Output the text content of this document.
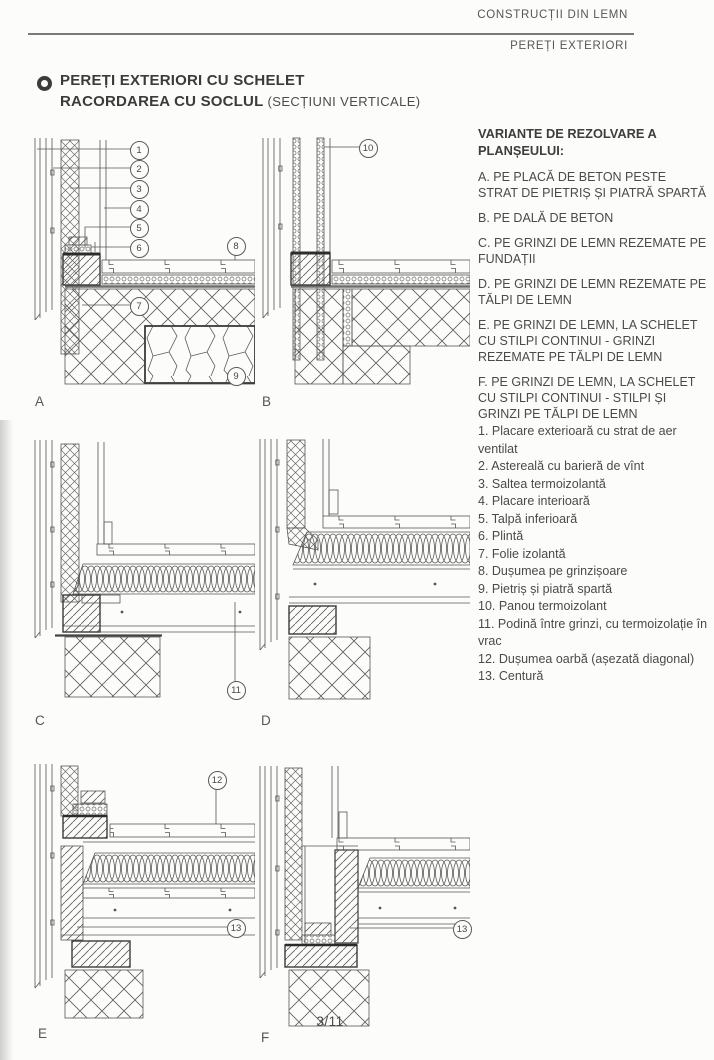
CONSTRUCȚII DIN LEMN
PEREȚI EXTERIORI
PEREȚI EXTERIORI CU SCHELET
RACORDAREA CU SOCLUL (SECȚIUNI VERTICALE)

VARIANTE DE REZOLVARE A PLANȘEULUI:

A. PE PLACĂ DE BETON PESTE STRAT DE PIETRIȘ ȘI PIATRĂ SPARTĂ

B. PE DALĂ DE BETON

C. PE GRINZI DE LEMN REZEMATE PE FUNDAȚII

D. PE GRINZI DE LEMN REZEMATE PE TĂLPI DE LEMN

E. PE GRINZI DE LEMN, LA SCHELET CU STILPI CONTINUI - GRINZI REZEMATE PE TĂLPI DE LEMN

F. PE GRINZI DE LEMN, LA SCHELET CU STILPI CONTINUI - STILPI ȘI GRINZI PE TĂLPI DE LEMN

1. Placare exterioară cu strat de aer ventilat
2. Astereală cu barieră de vînt
3. Saltea termoizolantă
4. Placare interioară
5. Talpă inferioară
6. Plintă
7. Folie izolantă
8. Dușumea pe grinzișoare
9. Pietriș și piatră spartă
10. Panou termoizolant
11. Podină între grinzi, cu termoizolație în vrac
12. Dușumea oarbă (așezată diagonal)
13. Centură
1
2
3
4
5
6
7
8
9
A
10
B
11
C	D
12
13
E
13
F
3/11
